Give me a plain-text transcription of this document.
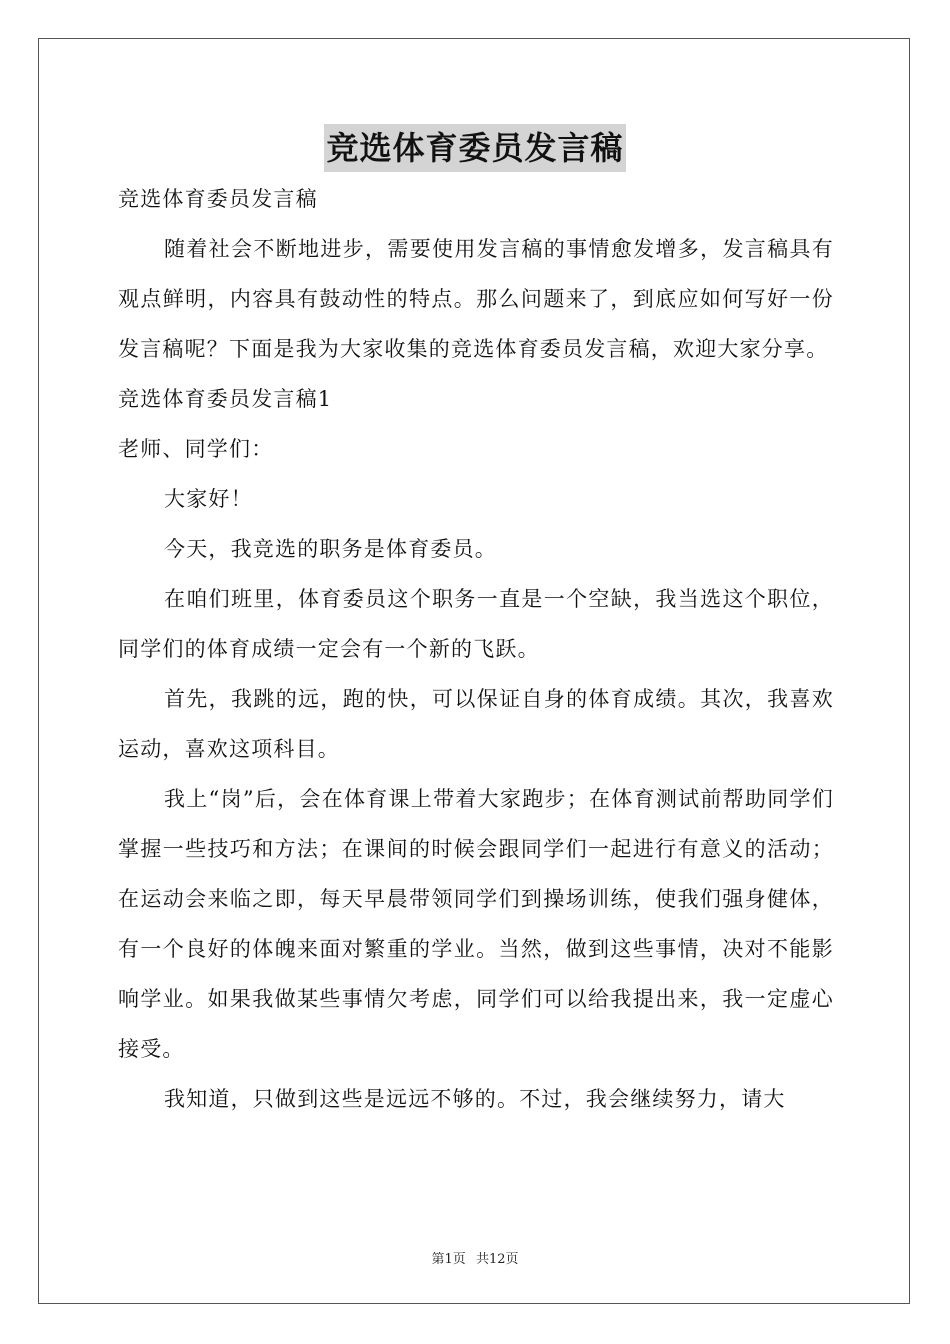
竞选体育委员发言稿

竞选体育委员发言稿

随着社会不断地进步，需要使用发言稿的事情愈发增多，发言稿具有观点鲜明，内容具有鼓动性的特点。那么问题来了，到底应如何写好一份发言稿呢？下面是我为大家收集的竞选体育委员发言稿，欢迎大家分享。

竞选体育委员发言稿1

老师、同学们：

大家好！

今天，我竞选的职务是体育委员。

在咱们班里，体育委员这个职务一直是一个空缺，我当选这个职位，同学们的体育成绩一定会有一个新的飞跃。

首先，我跳的远，跑的快，可以保证自身的体育成绩。其次，我喜欢运动，喜欢这项科目。

我上“岗”后，会在体育课上带着大家跑步；在体育测试前帮助同学们掌握一些技巧和方法；在课间的时候会跟同学们一起进行有意义的活动；在运动会来临之即，每天早晨带领同学们到操场训练，使我们强身健体，有一个良好的体魄来面对繁重的学业。当然，做到这些事情，决对不能影响学业。如果我做某些事情欠考虑，同学们可以给我提出来，我一定虚心接受。

我知道，只做到这些是远远不够的。不过，我会继续努力，请大

第1页 共12页
